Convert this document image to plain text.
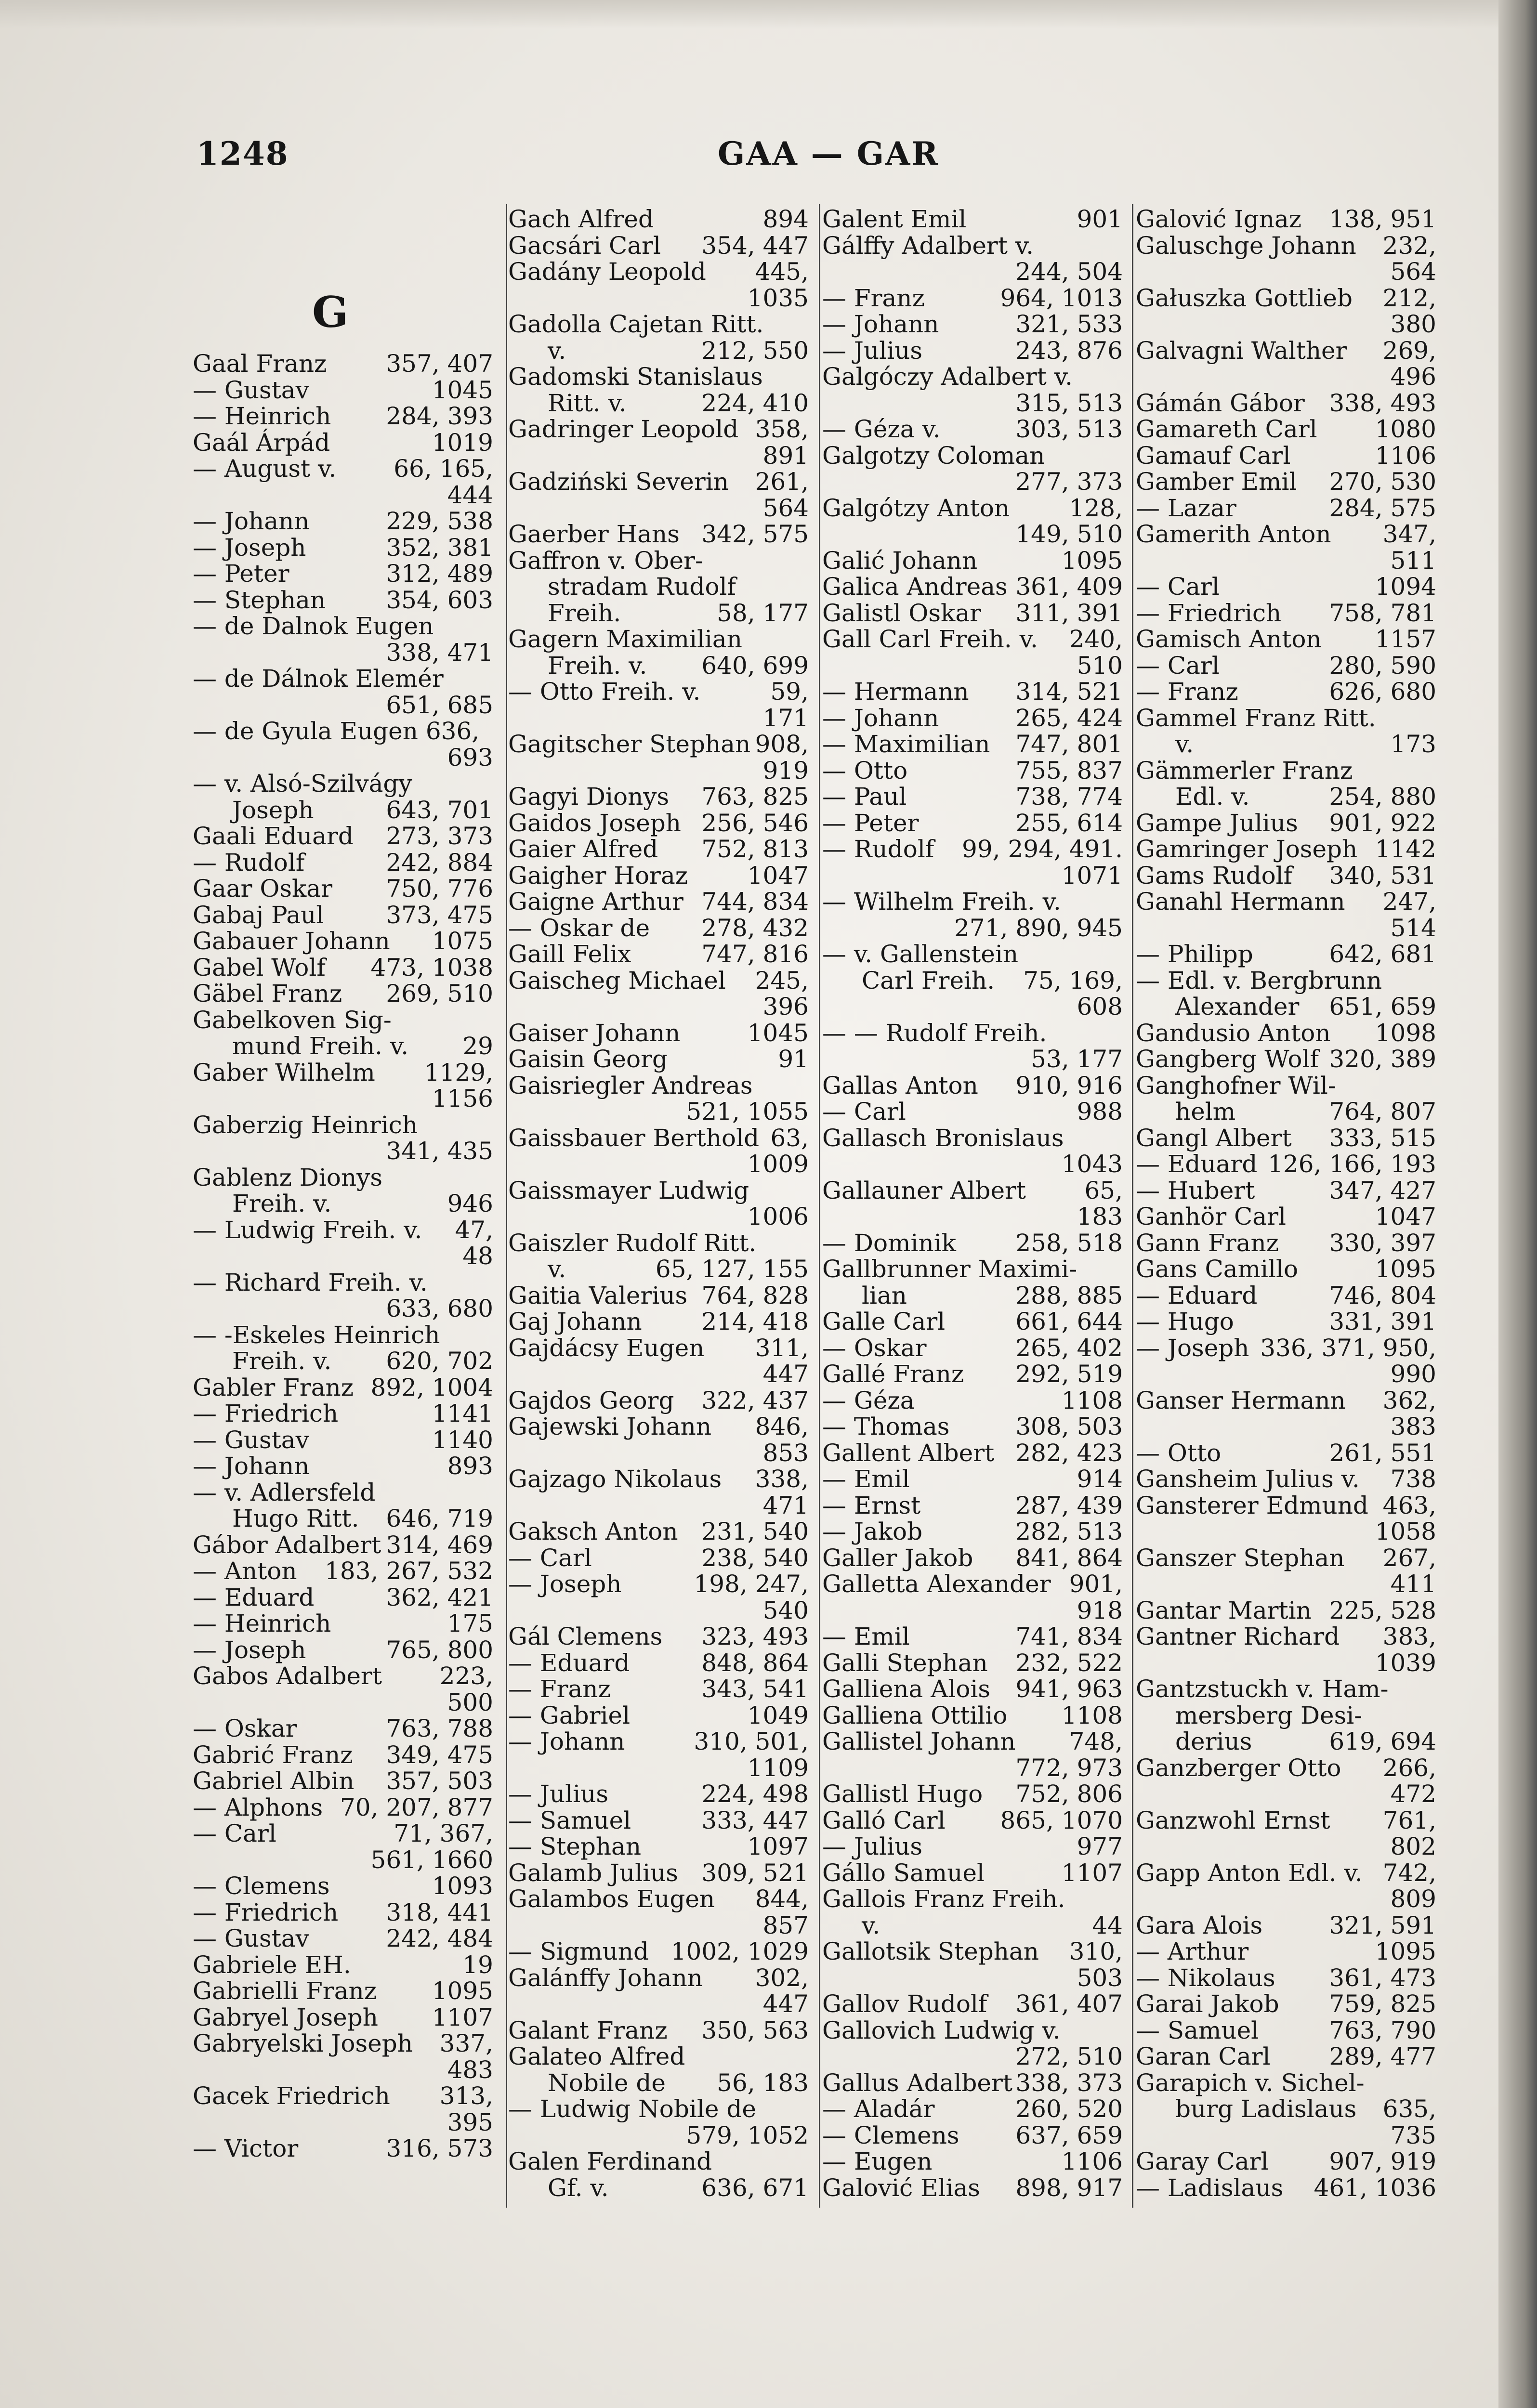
1248	GAA — GAR
G
Gaal Franz 357, 407
— Gustav	1045
— Heinrich 284, 393
Gaál Árpád	1019
— August v. 66, 165,
444
— Johann	229, 538
— Joseph	352, 381
— Peter	312, 489
— Stephan	354, 603
— de Dalnok Eugen
338, 471
— de Dálnok Elemér
651, 685
— de Gyula Eugen 636,
693
— v. Alsó-Szilvágy
Joseph	643, 701
Gaali Eduard 273, 373
— Rudolf	242, 884
Gaar Oskar 750, 776
Gabaj Paul	373, 475
Gabauer Johann 1075
Gabel Wolf 473, 1038
Gäbel Franz 269, 510
Gabelkoven Sig-
mund Freih. v. 29
Gaber Wilhelm 1129,
1156
Gaberzig Heinrich
341, 435
Gablenz Dionys
Freih. v.	946
— Ludwig Freih. v. 47,
48
— Richard Freih. v.
633, 680
— -Eskeles Heinrich
Freih. v. 620, 702
Gabler Franz 892, 1004
— Friedrich	1141
— Gustav	1140
— Johann	893
— v. Adlersfeld
Hugo Ritt. 646, 719
Gábor Adalbert 314, 469
— Anton 183, 267, 532
— Eduard	362, 421
— Heinrich	175
— Joseph	765, 800
Gabos Adalbert 223,
500
— Oskar	763, 788
Gabrić Franz 349, 475
Gabriel Albin 357, 503
— Alphons 70, 207, 877
— Carl	71, 367,
561, 1660
— Clemens	1093
— Friedrich 318, 441
— Gustav	242, 484
Gabriele EH.	19
Gabrielli Franz 1095
Gabryel Joseph 1107
Gabryelski Joseph 337,
483
Gacek Friedrich 313,
395
— Victor	316, 573
Gach Alfred	894
Gacsári Carl 354, 447
Gadány Leopold 445,
1035
Gadolla Cajetan Ritt.
v.	212, 550
Gadomski Stanislaus
Ritt. v.	224, 410
Gadringer Leopold 358,
891
Gadziński Severin 261,
564
Gaerber Hans 342, 575
Gaffron v. Ober-
stradam Rudolf
Freih.	58, 177
Gagern Maximilian
Freih. v. 640, 699
— Otto Freih. v.	59,
171
Gagitscher Stephan 908,
919
Gagyi Dionys 763, 825
Gaidos Joseph 256, 546
Gaier Alfred 752, 813
Gaigher Horaz 1047
Gaigne Arthur 744, 834
— Oskar de 278, 432
Gaill Felix	747, 816
Gaischeg Michael 245,
396
Gaiser Johann	1045
Gaisin Georg	91
Gaisriegler Andreas
521, 1055
Gaissbauer Berthold 63,
1009
Gaissmayer Ludwig
1006
Gaiszler Rudolf Ritt.
v.	65, 127, 155
Gaitia Valerius 764, 828
Gaj Johann 214, 418
Gajdácsy Eugen 311,
447
Gajdos Georg 322, 437
Gajewski Johann 846,
853
Gajzago Nikolaus 338,
471
Gaksch Anton 231, 540
— Carl	238, 540
— Joseph	198, 247,
540
Gál Clemens 323, 493
— Eduard	848, 864
— Franz	343, 541
— Gabriel	1049
— Johann	310, 501,
1109
— Julius	224, 498
— Samuel	333, 447
— Stephan	1097
Galamb Julius 309, 521
Galambos Eugen 844,
857
— Sigmund 1002, 1029
Galánffy Johann 302,
447
Galant Franz 350, 563
Galateo Alfred
Nobile de 56, 183
— Ludwig Nobile de
579, 1052
Galen Ferdinand
Gf. v.	636, 671
Galent Emil	901
Gálffy Adalbert v.
244, 504
— Franz	964, 1013
— Johann	321, 533
— Julius	243, 876
Galgóczy Adalbert v.
315, 513
— Géza v.	303, 513
Galgotzy Coloman
277, 373
Galgótzy Anton 128,
149, 510
Galić Johann	1095
Galica Andreas 361, 409
Galistl Oskar 311, 391
Gall Carl Freih. v. 240,
510
— Hermann 314, 521
— Johann	265, 424
— Maximilian 747, 801
— Otto	755, 837
— Paul	738, 774
— Peter	255, 614
— Rudolf 99, 294, 491.
1071
— Wilhelm Freih. v.
271, 890, 945
— v. Gallenstein
Carl Freih. 75, 169,
608
— — Rudolf Freih.
53, 177
Gallas Anton 910, 916
— Carl	988
Gallasch Bronislaus
1043
Gallauner Albert 65,
183
— Dominik 258, 518
Gallbrunner Maximi-
lian	288, 885
Galle Carl	661, 644
— Oskar	265, 402
Gallé Franz 292, 519
— Géza	1108
— Thomas	308, 503
Gallent Albert 282, 423
— Emil	914
— Ernst	287, 439
— Jakob	282, 513
Galler Jakob 841, 864
Galletta Alexander 901,
918
— Emil	741, 834
Galli Stephan 232, 522
Galliena Alois 941, 963
Galliena Ottilio 1108
Gallistel Johann 748,
772, 973
Gallistl Hugo 752, 806
Galló Carl 865, 1070
— Julius	977
Gállo Samuel	1107
Gallois Franz Freih.
v.	44
Gallotsik Stephan 310,
503
Gallov Rudolf 361, 407
Gallovich Ludwig v.
272, 510
Gallus Adalbert 338, 373
— Aladár	260, 520
— Clemens 637, 659
— Eugen	1106
Galović Elias 898, 917
Galović Ignaz 138, 951
Galuschge Johann 232,
564
Gałuszka Gottlieb 212,
380
Galvagni Walther 269,
496
Gámán Gábor 338, 493
Gamareth Carl 1080
Gamauf Carl	1106
Gamber Emil 270, 530
— Lazar	284, 575
Gamerith Anton 347,
511
— Carl	1094
— Friedrich 758, 781
Gamisch Anton 1157
— Carl	280, 590
— Franz	626, 680
Gammel Franz Ritt.
v.	173
Gämmerler Franz
Edl. v.	254, 880
Gampe Julius 901, 922
Gamringer Joseph 1142
Gams Rudolf 340, 531
Ganahl Hermann 247,
514
— Philipp	642, 681
— Edl. v. Bergbrunn
Alexander 651, 659
Gandusio Anton 1098
Gangberg Wolf 320, 389
Ganghofner Wil-
helm	764, 807
Gangl Albert 333, 515
— Eduard 126, 166, 193
— Hubert	347, 427
Ganhör Carl	1047
Gann Franz 330, 397
Gans Camillo	1095
— Eduard	746, 804
— Hugo	331, 391
— Joseph 336, 371, 950,
990
Ganser Hermann 362,
383
— Otto	261, 551
Gansheim Julius v. 738
Gansterer Edmund 463,
1058
Ganszer Stephan 267,
411
Gantar Martin 225, 528
Gantner Richard 383,
1039
Gantzstuckh v. Ham-
mersberg Desi-
derius	619, 694
Ganzberger Otto 266,
472
Ganzwohl Ernst 761,
802
Gapp Anton Edl. v. 742,
809
Gara Alois	321, 591
— Arthur	1095
— Nikolaus 361, 473
Garai Jakob 759, 825
— Samuel	763, 790
Garan Carl 289, 477
Garapich v. Sichel-
burg Ladislaus 635,
735
Garay Carl	907, 919
— Ladislaus 461, 1036
